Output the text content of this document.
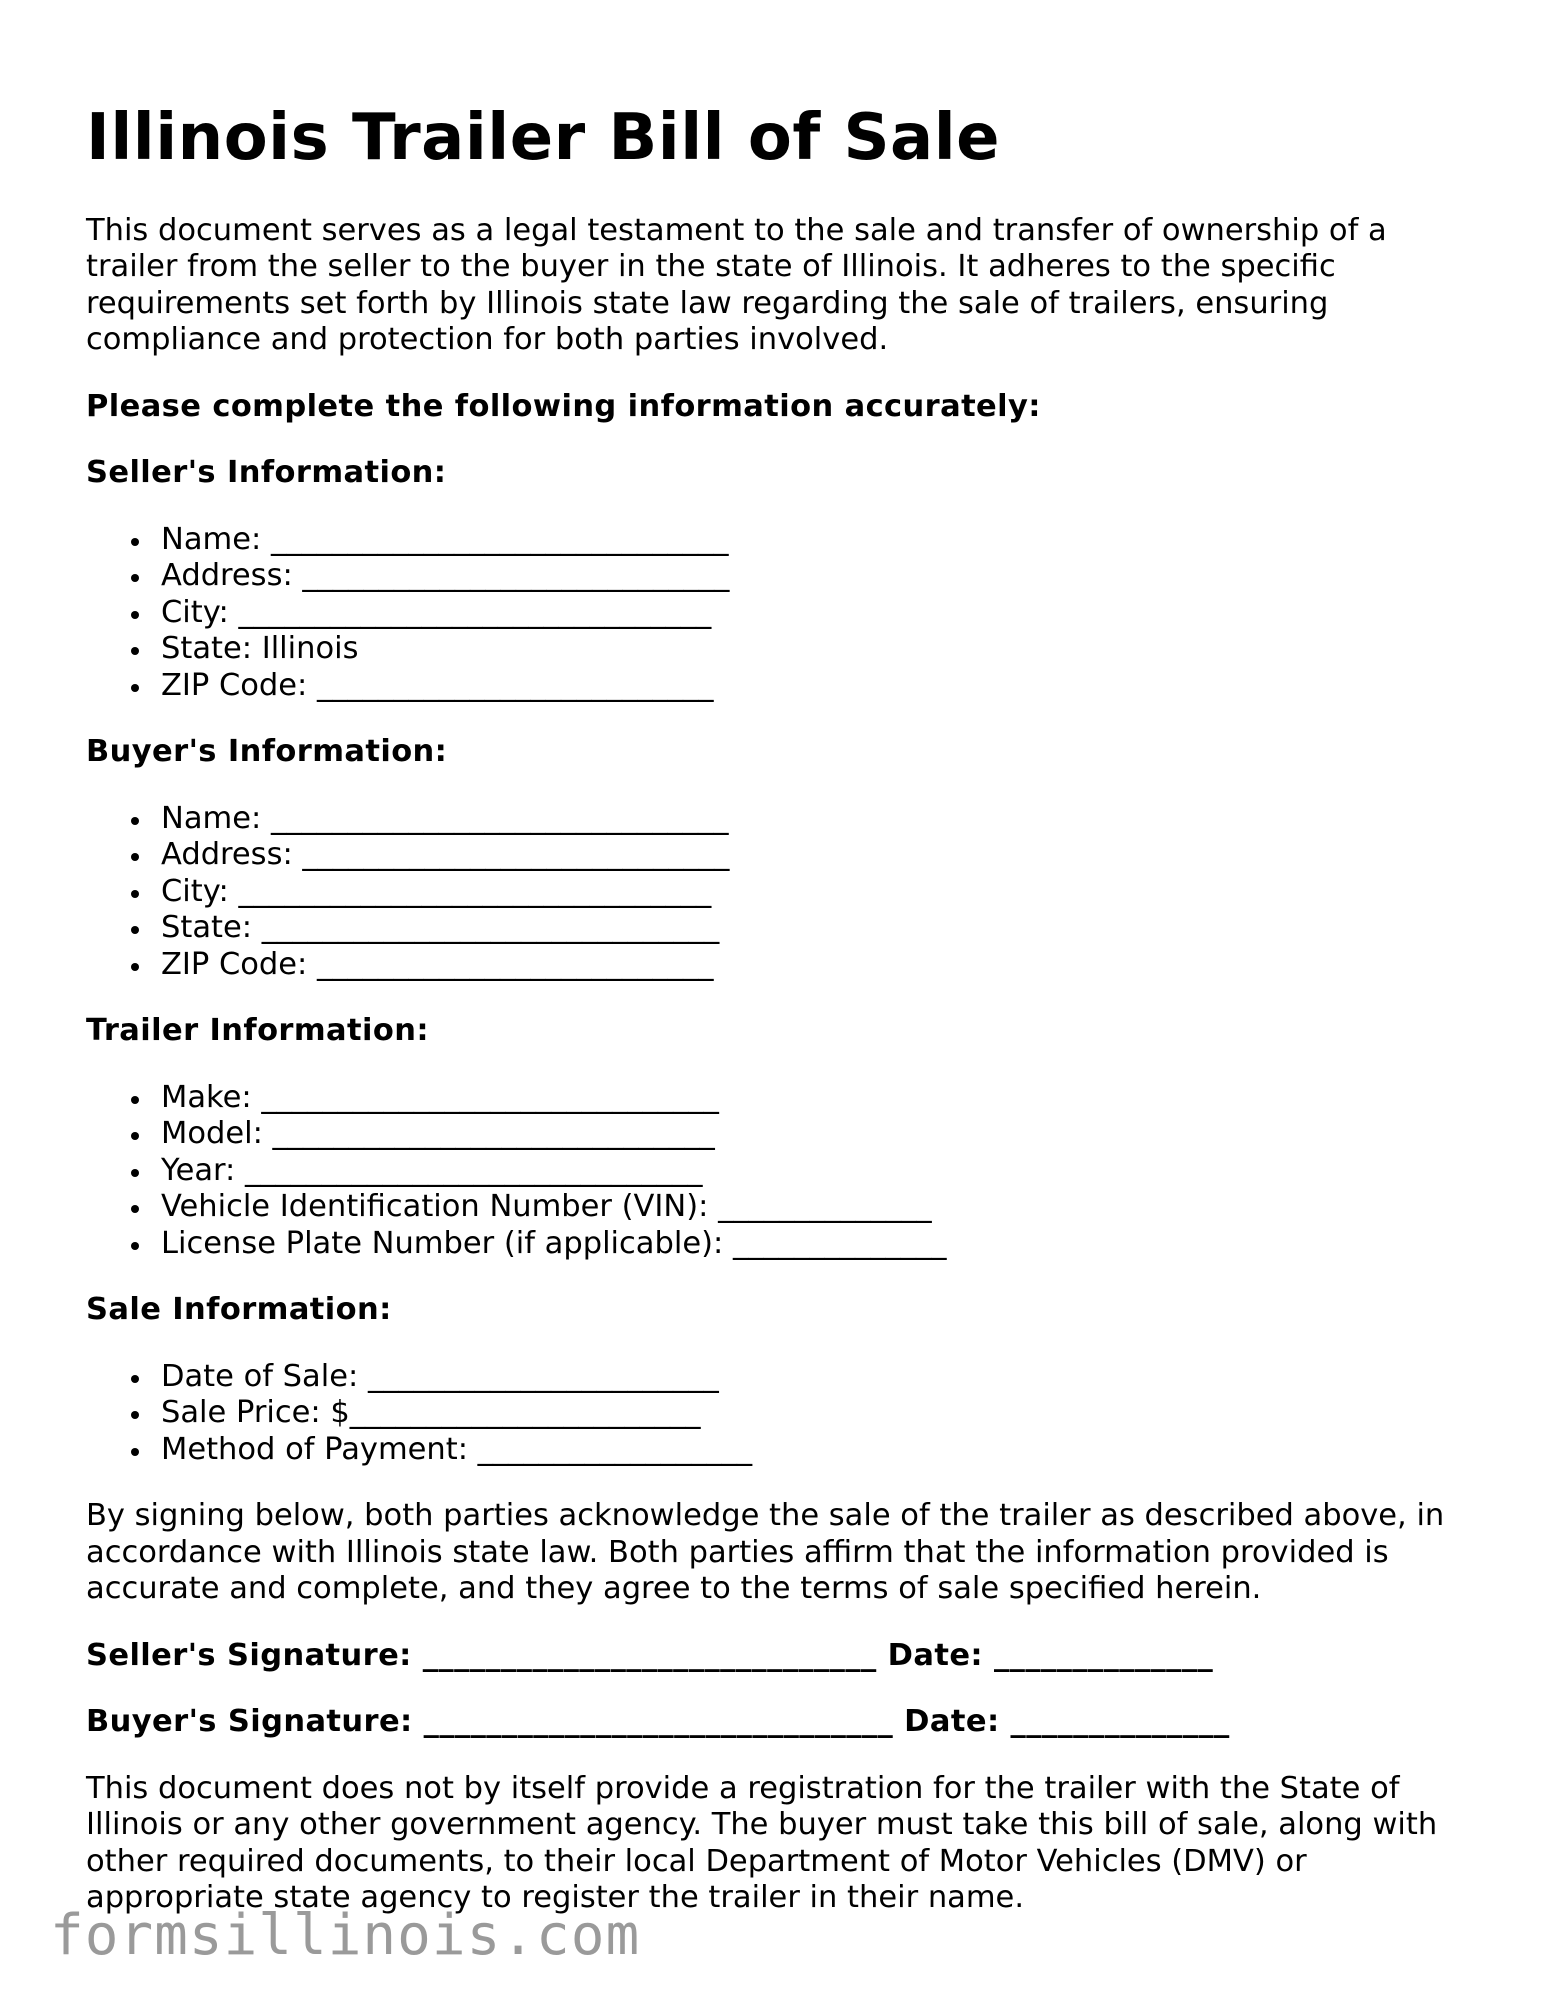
Illinois Trailer Bill of Sale

This document serves as a legal testament to the sale and transfer of ownership of a trailer from the seller to the buyer in the state of Illinois. It adheres to the specific requirements set forth by Illinois state law regarding the sale of trailers, ensuring compliance and protection for both parties involved.

Please complete the following information accurately:

Seller's Information:

Name: ______________________________
Address: ____________________________
City: _______________________________
State: Illinois
ZIP Code: __________________________

Buyer's Information:

Name: ______________________________
Address: ____________________________
City: _______________________________
State: ______________________________
ZIP Code: __________________________

Trailer Information:

Make: ______________________________
Model: _____________________________
Year: ______________________________
Vehicle Identification Number (VIN): ______________
License Plate Number (if applicable): ______________

Sale Information:

Date of Sale: _______________________
Sale Price: $_______________________
Method of Payment: __________________

By signing below, both parties acknowledge the sale of the trailer as described above, in accordance with Illinois state law. Both parties affirm that the information provided is accurate and complete, and they agree to the terms of sale specified herein.

Seller's Signature: _____________________________ Date: ______________

Buyer's Signature: ______________________________ Date: ______________

This document does not by itself provide a registration for the trailer with the State of Illinois or any other government agency. The buyer must take this bill of sale, along with other required documents, to their local Department of Motor Vehicles (DMV) or appropriate state agency to register the trailer in their name.

formsillinois.com
